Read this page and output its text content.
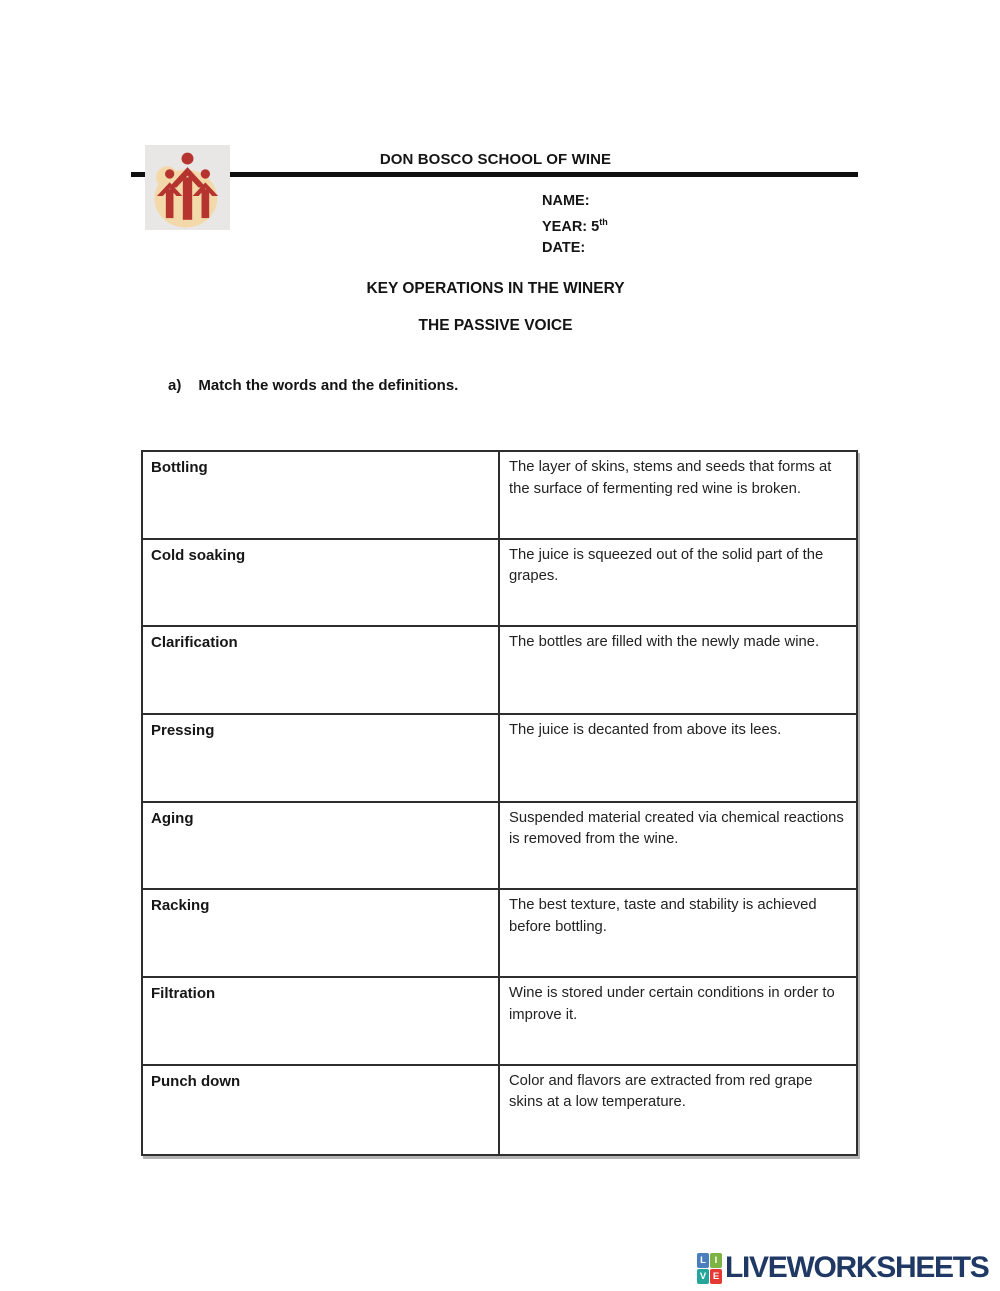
DON BOSCO SCHOOL OF WINE
NAME:
YEAR: 5th
DATE:
KEY OPERATIONS IN THE WINERY
THE PASSIVE VOICE
a) Match the words and the definitions.
Bottling	The layer of skins, stems and seeds that forms at the surface of fermenting red wine is broken.
Cold soaking	The juice is squeezed out of the solid part of the grapes.
Clarification	The bottles are filled with the newly made wine.
Pressing	The juice is decanted from above its lees.
Aging	Suspended material created via chemical reactions is removed from the wine.
Racking	The best texture, taste and stability is achieved before bottling.
Filtration	Wine is stored under certain conditions in order to improve it.
Punch down	Color and flavors are extracted from red grape skins at a low temperature.
L I
V E LIVEWORKSHEETS
